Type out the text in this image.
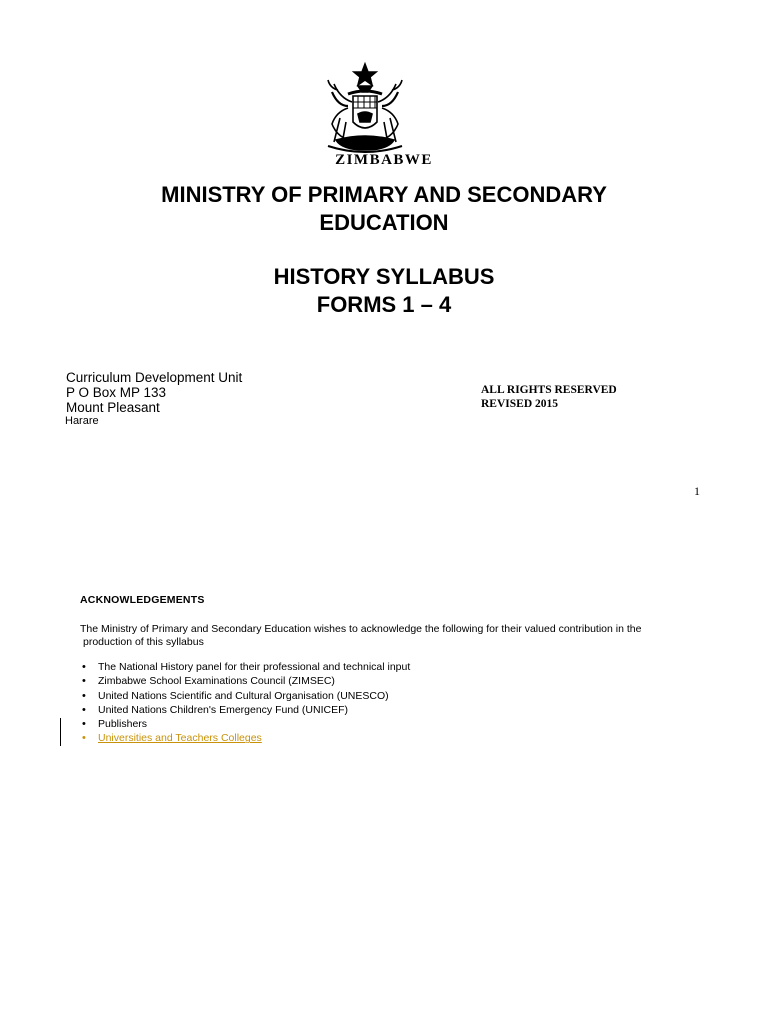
ZIMBABWE
MINISTRY OF PRIMARY AND SECONDARY
EDUCATION
HISTORY SYLLABUS
FORMS 1 – 4
Curriculum Development Unit
P O Box MP 133
Mount Pleasant
Harare
ALL RIGHTS RESERVED
REVISED 2015
1
ACKNOWLEDGEMENTS
The Ministry of Primary and Secondary Education wishes to acknowledge the following for their valued contribution in the
production of this syllabus
• The National History panel for their professional and technical input
• Zimbabwe School Examinations Council (ZIMSEC)
• United Nations Scientific and Cultural Organisation (UNESCO)
• United Nations Children's Emergency Fund (UNICEF)
• Publishers
• Universities and Teachers Colleges
